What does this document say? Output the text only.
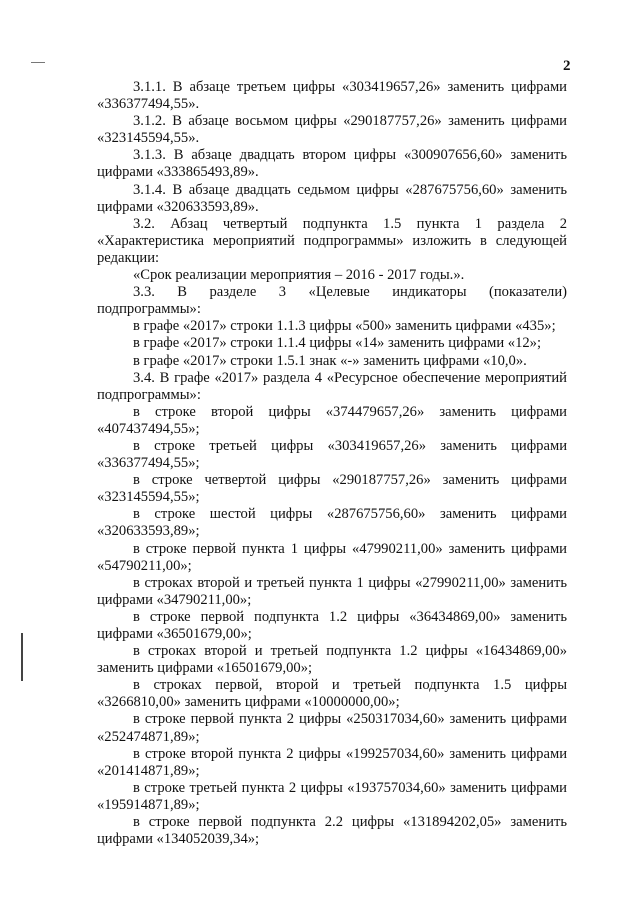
2

3.1.1. В абзаце третьем цифры «303419657,26» заменить цифрами
«336377494,55».

3.1.2. В абзаце восьмом цифры «290187757,26» заменить цифрами
«323145594,55».

3.1.3. В абзаце двадцать втором цифры «300907656,60» заменить
цифрами «333865493,89».

3.1.4. В абзаце двадцать седьмом цифры «287675756,60» заменить
цифрами «320633593,89».

3.2. Абзац четвертый подпункта 1.5 пункта 1 раздела 2
«Характеристика мероприятий подпрограммы» изложить в следующей
редакции:

«Срок реализации мероприятия – 2016 - 2017 годы.».

3.3. В разделе 3 «Целевые индикаторы (показатели)
подпрограммы»:

в графе «2017» строки 1.1.3 цифры «500» заменить цифрами «435»;

в графе «2017» строки 1.1.4 цифры «14» заменить цифрами «12»;

в графе «2017» строки 1.5.1 знак «-» заменить цифрами «10,0».

3.4. В графе «2017» раздела 4 «Ресурсное обеспечение мероприятий
подпрограммы»:

в строке второй цифры «374479657,26» заменить цифрами
«407437494,55»;

в строке третьей цифры «303419657,26» заменить цифрами
«336377494,55»;

в строке четвертой цифры «290187757,26» заменить цифрами
«323145594,55»;

в строке шестой цифры «287675756,60» заменить цифрами
«320633593,89»;

в строке первой пункта 1 цифры «47990211,00» заменить цифрами
«54790211,00»;

в строках второй и третьей пункта 1 цифры «27990211,00» заменить
цифрами «34790211,00»;

в строке первой подпункта 1.2 цифры «36434869,00» заменить
цифрами «36501679,00»;

в строках второй и третьей подпункта 1.2 цифры «16434869,00»
заменить цифрами «16501679,00»;

в строках первой, второй и третьей подпункта 1.5 цифры
«3266810,00» заменить цифрами «10000000,00»;

в строке первой пункта 2 цифры «250317034,60» заменить цифрами
«252474871,89»;

в строке второй пункта 2 цифры «199257034,60» заменить цифрами
«201414871,89»;

в строке третьей пункта 2 цифры «193757034,60» заменить цифрами
«195914871,89»;

в строке первой подпункта 2.2 цифры «131894202,05» заменить
цифрами «134052039,34»;
